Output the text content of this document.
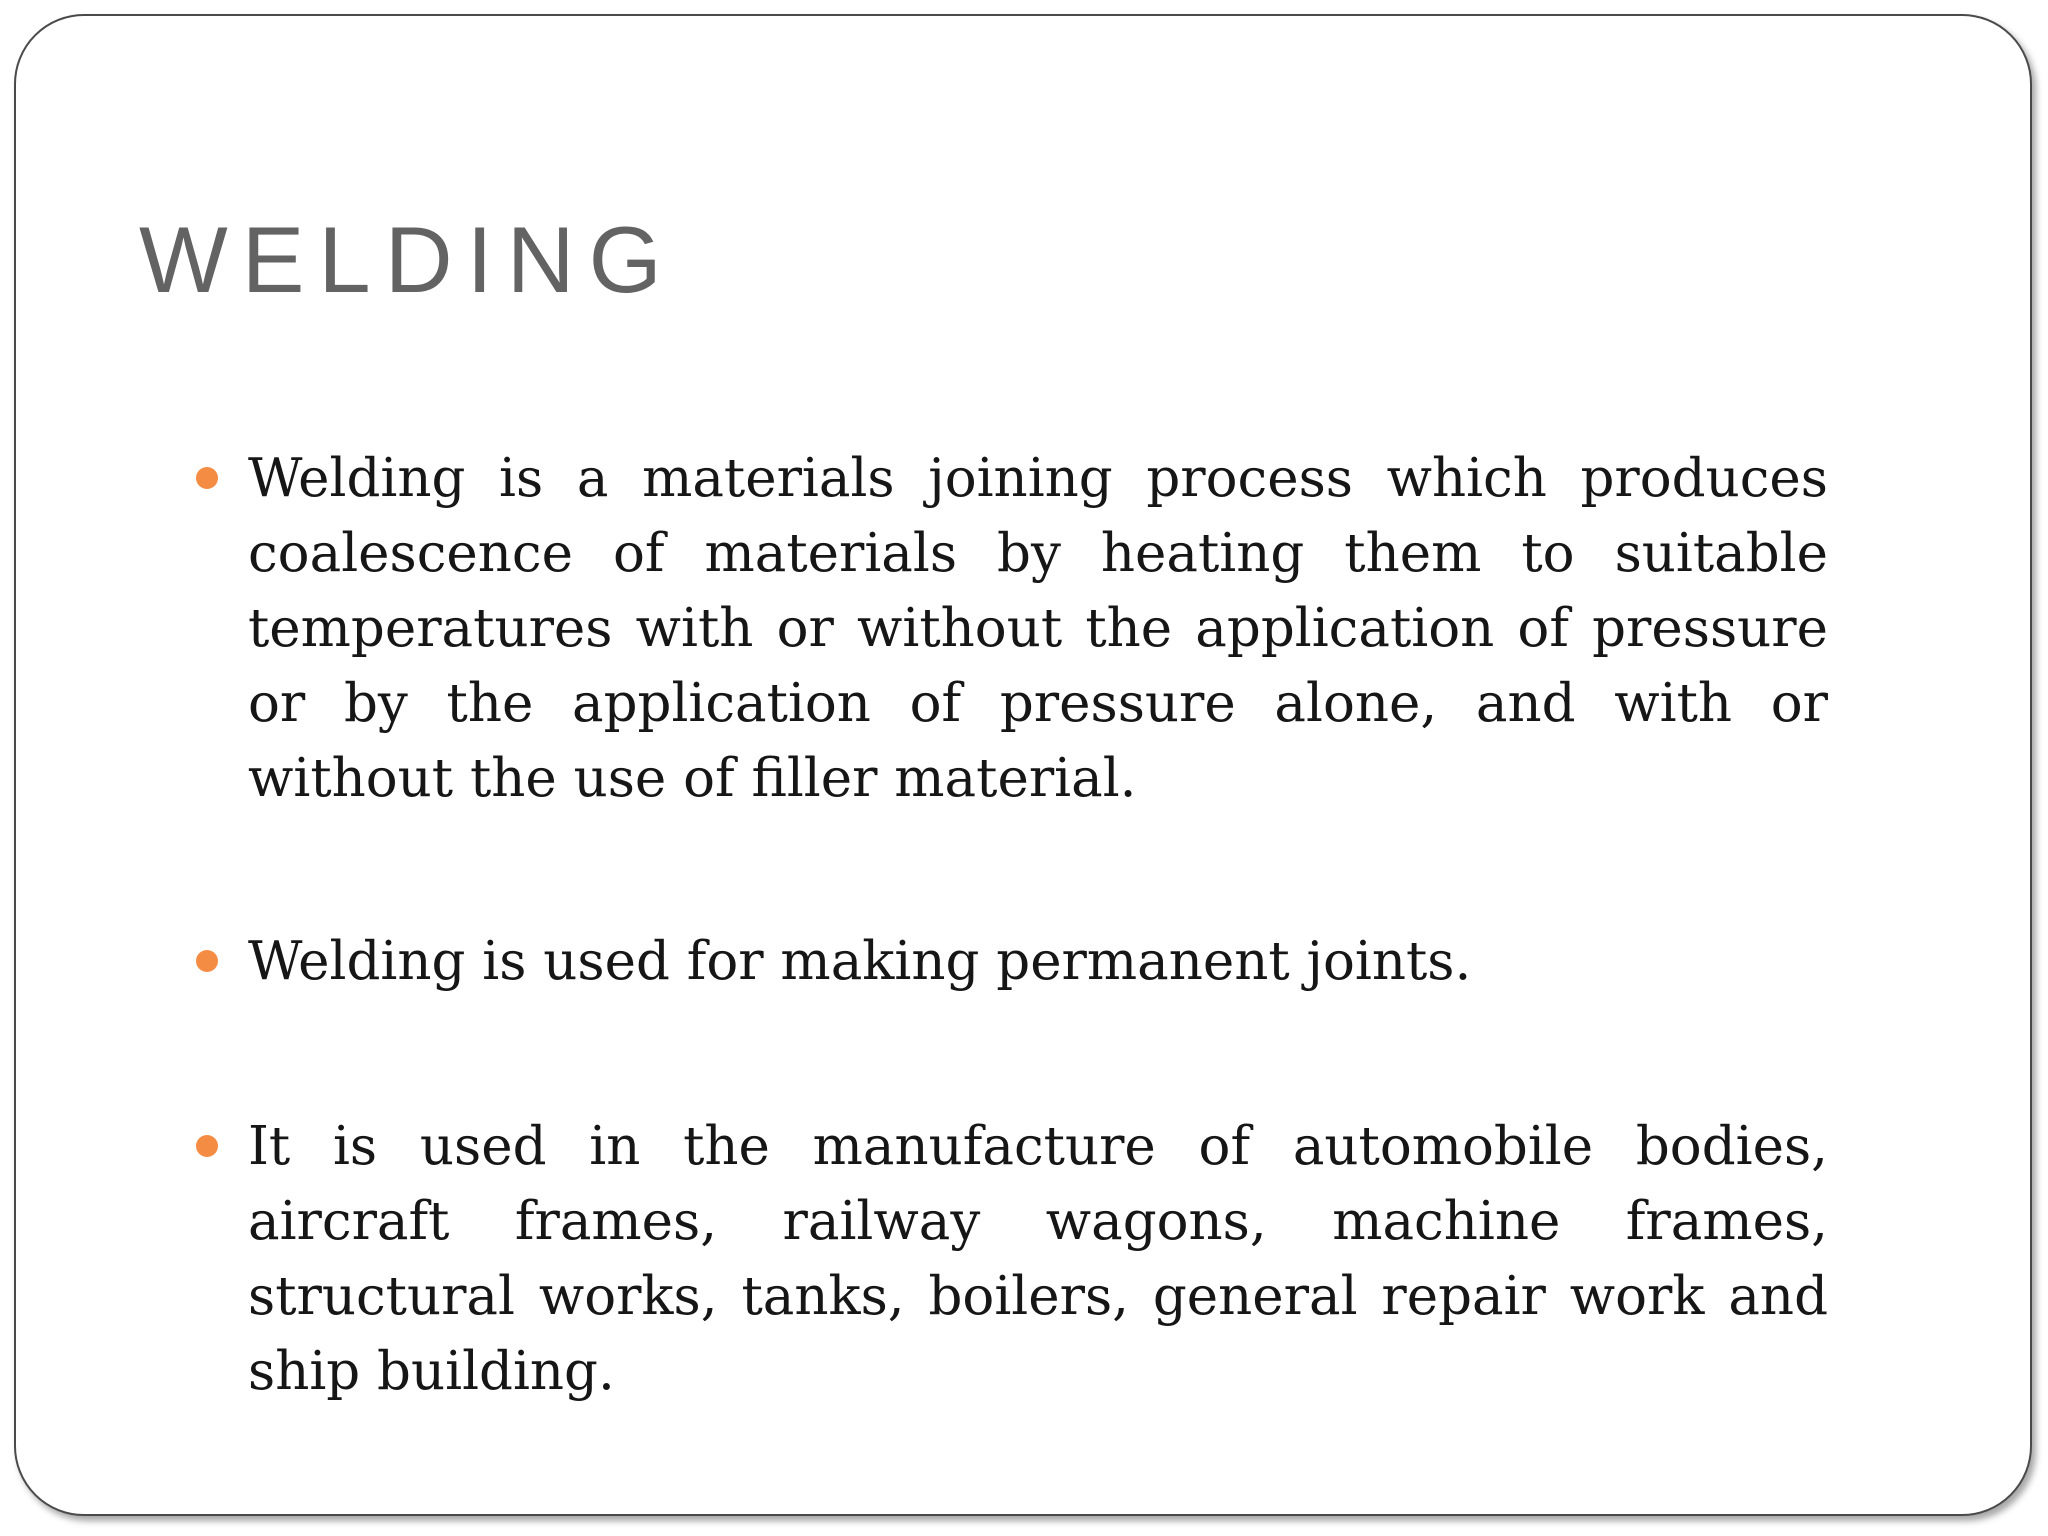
WELDING
Welding is a materials joining process which produces coalescence of materials by heating them to suitable temperatures with or without the application of pressure or by the application of pressure alone, and with or without the use of filler material.
Welding is used for making permanent joints.
It is used in the manufacture of automobile bodies, aircraft frames, railway wagons, machine frames, structural works, tanks, boilers, general repair work and ship building.
